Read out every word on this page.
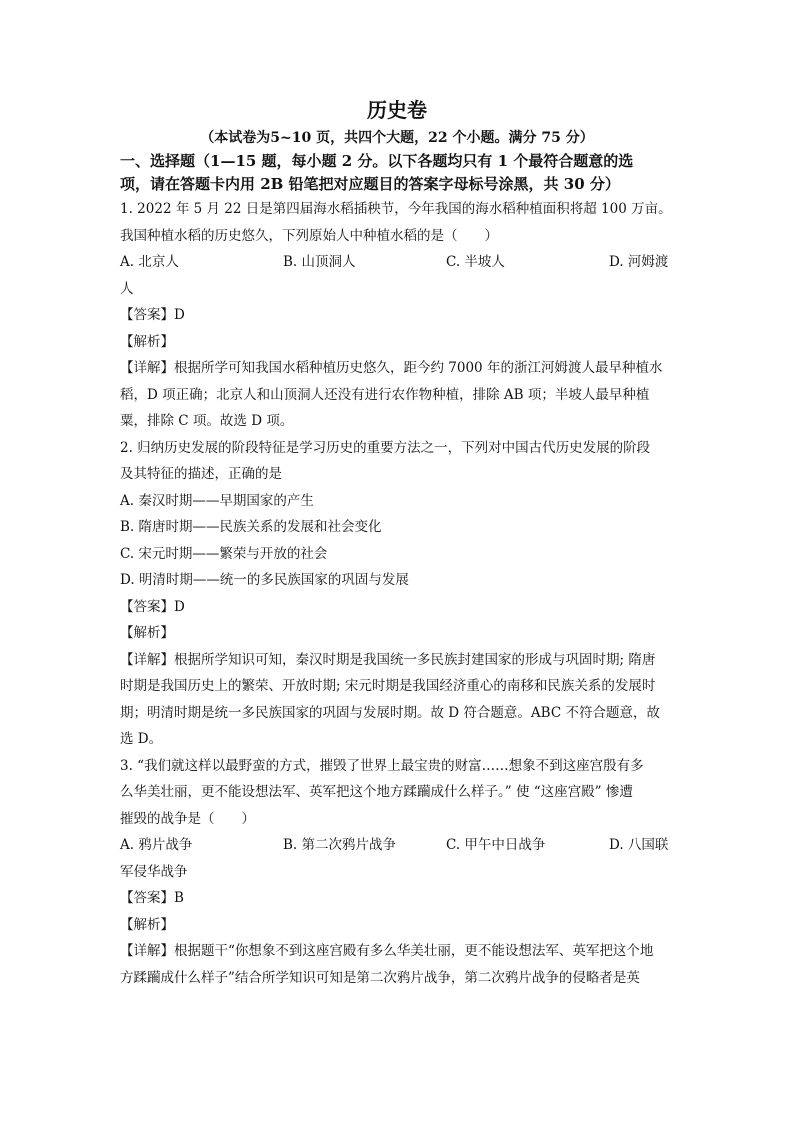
历史卷
（本试卷为5~10 页，共四个大题，22 个小题。满分 75 分）

一、选择题（1—15 题，每小题 2 分。以下各题均只有 1 个最符合题意的选

项，请在答题卡内用 2B 铅笔把对应题目的答案字母标号涂黑，共 30 分）

1. 2022 年 5 月 22 日是第四届海水稻插秧节，今年我国的海水稻种植面积将超 100 万亩。

我国种植水稻的历史悠久，下列原始人中种植水稻的是（　　）

A. 北京人	B. 山顶洞人	C. 半坡人	D. 河姆渡

人

【答案】D

【解析】

【详解】根据所学可知我国水稻种植历史悠久，距今约 7000 年的浙江河姆渡人最早种植水

稻，D 项正确；北京人和山顶洞人还没有进行农作物种植，排除 AB 项；半坡人最早种植

粟，排除 C 项。故选 D 项。

2. 归纳历史发展的阶段特征是学习历史的重要方法之一，下列对中国古代历史发展的阶段

及其特征的描述，正确的是

A. 秦汉时期——早期国家的产生

B. 隋唐时期——民族关系的发展和社会变化

C. 宋元时期——繁荣与开放的社会

D. 明清时期——统一的多民族国家的巩固与发展

【答案】D

【解析】

【详解】根据所学知识可知，秦汉时期是我国统一多民族封建国家的形成与巩固时期; 隋唐

时期是我国历史上的繁荣、开放时期; 宋元时期是我国经济重心的南移和民族关系的发展时

期；明清时期是统一多民族国家的巩固与发展时期。故 D 符合题意。ABC 不符合题意，故

选 D。

3. “我们就这样以最野蛮的方式，摧毁了世界上最宝贵的财富……想象不到这座宫殷有多

么华美壮丽，更不能设想法军、英军把这个地方蹂躏成什么样子。” 使 “这座宫殿” 惨遭

摧毁的战争是（　　）

A. 鸦片战争	B. 第二次鸦片战争	C. 甲午中日战争	D. 八国联

军侵华战争

【答案】B

【解析】

【详解】根据题干“你想象不到这座宫殿有多么华美壮丽，更不能设想法军、英军把这个地

方蹂躏成什么样子”结合所学知识可知是第二次鸦片战争，第二次鸦片战争的侵略者是英
